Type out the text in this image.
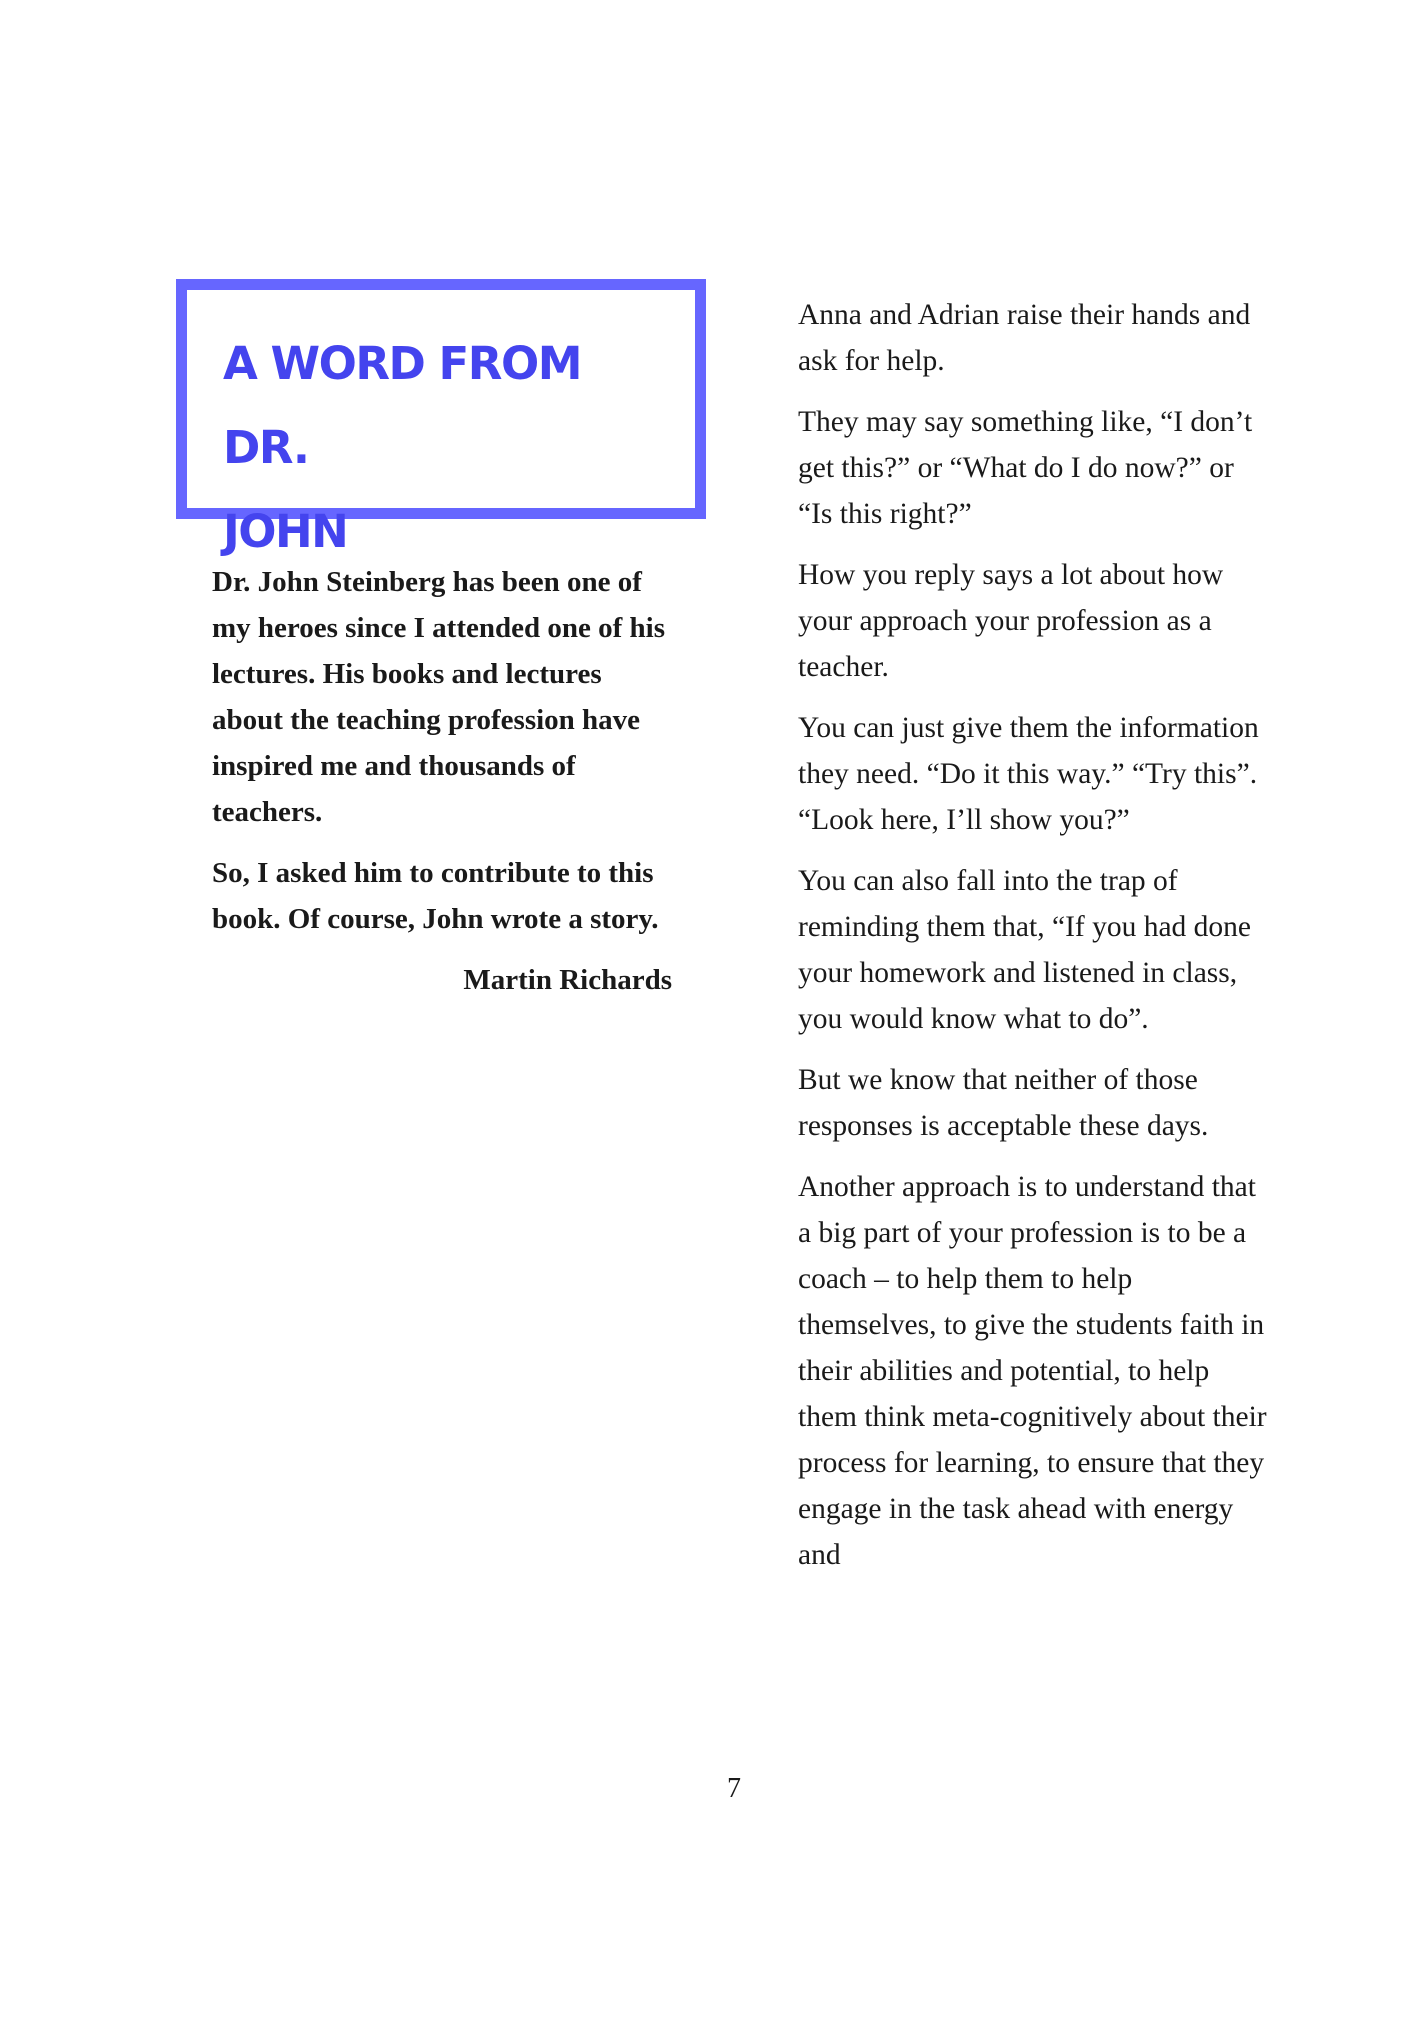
A WORD FROM DR.
JOHN

Dr. John Steinberg has been one of my heroes since I attended one of his lectures. His books and lectures about the teaching profession have inspired me and thousands of teachers.

So, I asked him to contribute to this book. Of course, John wrote a story.

Martin Richards

Anna and Adrian raise their hands and ask for help.

They may say something like, “I don’t get this?” or “What do I do now?” or “Is this right?”

How you reply says a lot about how your approach your profession as a teacher.

You can just give them the information they need. “Do it this way.” “Try this”. “Look here, I’ll show you?”

You can also fall into the trap of reminding them that, “If you had done your homework and listened in class, you would know what to do”.

But we know that neither of those responses is acceptable these days.

Another approach is to understand that a big part of your profession is to be a coach – to help them to help themselves, to give the students faith in their abilities and potential, to help them think meta-cognitively about their process for learning, to ensure that they engage in the task ahead with energy and

7
